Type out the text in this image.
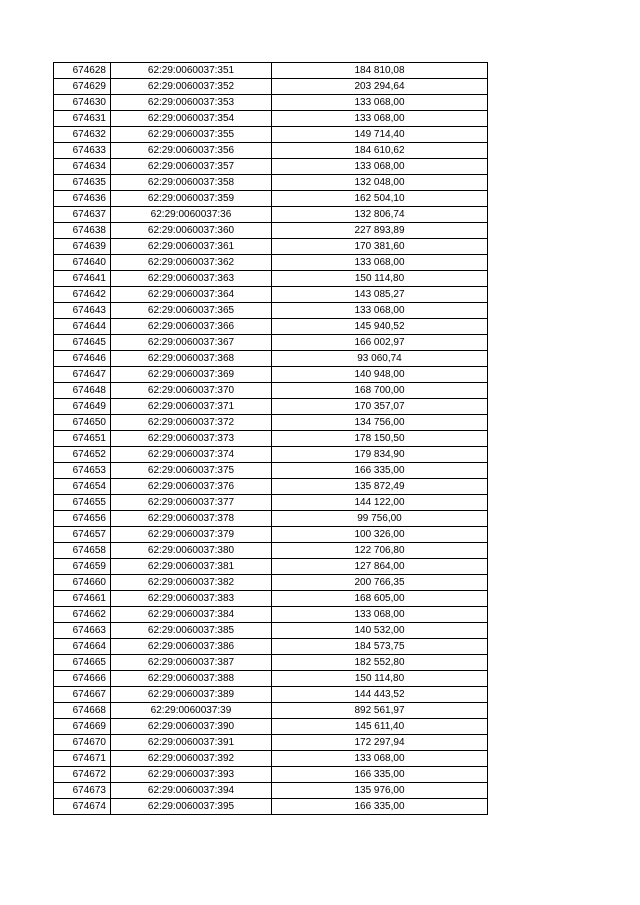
674628	62:29:0060037:351	184 810,08
674629	62:29:0060037:352	203 294,64
674630	62:29:0060037:353	133 068,00
674631	62:29:0060037:354	133 068,00
674632	62:29:0060037:355	149 714,40
674633	62:29:0060037:356	184 610,62
674634	62:29:0060037:357	133 068,00
674635	62:29:0060037:358	132 048,00
674636	62:29:0060037:359	162 504,10
674637	62:29:0060037:36	132 806,74
674638	62:29:0060037:360	227 893,89
674639	62:29:0060037:361	170 381,60
674640	62:29:0060037:362	133 068,00
674641	62:29:0060037:363	150 114,80
674642	62:29:0060037:364	143 085,27
674643	62:29:0060037:365	133 068,00
674644	62:29:0060037:366	145 940,52
674645	62:29:0060037:367	166 002,97
674646	62:29:0060037:368	93 060,74
674647	62:29:0060037:369	140 948,00
674648	62:29:0060037:370	168 700,00
674649	62:29:0060037:371	170 357,07
674650	62:29:0060037:372	134 756,00
674651	62:29:0060037:373	178 150,50
674652	62:29:0060037:374	179 834,90
674653	62:29:0060037:375	166 335,00
674654	62:29:0060037:376	135 872,49
674655	62:29:0060037:377	144 122,00
674656	62:29:0060037:378	99 756,00
674657	62:29:0060037:379	100 326,00
674658	62:29:0060037:380	122 706,80
674659	62:29:0060037:381	127 864,00
674660	62:29:0060037:382	200 766,35
674661	62:29:0060037:383	168 605,00
674662	62:29:0060037:384	133 068,00
674663	62:29:0060037:385	140 532,00
674664	62:29:0060037:386	184 573,75
674665	62:29:0060037:387	182 552,80
674666	62:29:0060037:388	150 114,80
674667	62:29:0060037:389	144 443,52
674668	62:29:0060037:39	892 561,97
674669	62:29:0060037:390	145 611,40
674670	62:29:0060037:391	172 297,94
674671	62:29:0060037:392	133 068,00
674672	62:29:0060037:393	166 335,00
674673	62:29:0060037:394	135 976,00
674674	62:29:0060037:395	166 335,00
